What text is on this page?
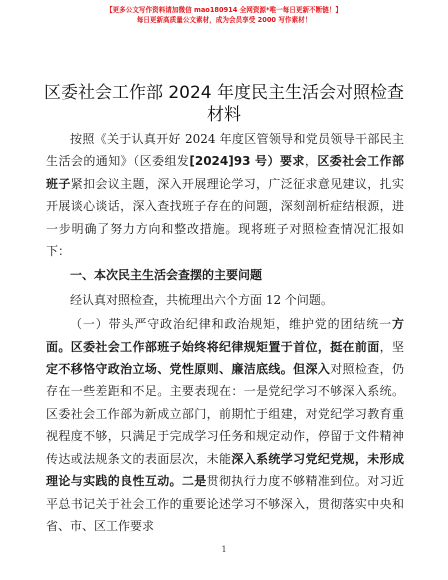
【更多公文写作资料请加微信 mao180914 全网资源*唯一每日更新不断链！】
每日更新高质量公文素材，成为会员享受 2000 写作素材！
区委社会工作部 2024 年度民主生活会对照检查
材料

按照《关于认真开好 2024 年度区管领导和党员领导干部民主生活会的通知》（区委组发[2024]93 号）要求，区委社会工作部班子紧扣会议主题，深入开展理论学习，广泛征求意见建议，扎实开展谈心谈话，深入查找班子存在的问题，深刻剖析症结根源，进一步明确了努力方向和整改措施。现将班子对照检查情况汇报如下：

一、本次民主生活会查摆的主要问题

经认真对照检查，共梳理出六个方面 12 个问题。

（一）带头严守政治纪律和政治规矩，维护党的团结统一方面。区委社会工作部班子始终将纪律规矩置于首位，挺在前面，坚定不移恪守政治立场、党性原则、廉洁底线。但深入对照检查，仍存在一些差距和不足。主要表现在：一是党纪学习不够深入系统。区委社会工作部为新成立部门，前期忙于组建，对党纪学习教育重视程度不够，只满足于完成学习任务和规定动作，停留于文件精神传达或法规条文的表面层次，未能深入系统学习党纪党规，未形成理论与实践的良性互动。二是贯彻执行力度不够精准到位。对习近平总书记关于社会工作的重要论述学习不够深入，贯彻落实中央和省、市、区工作要求

1
